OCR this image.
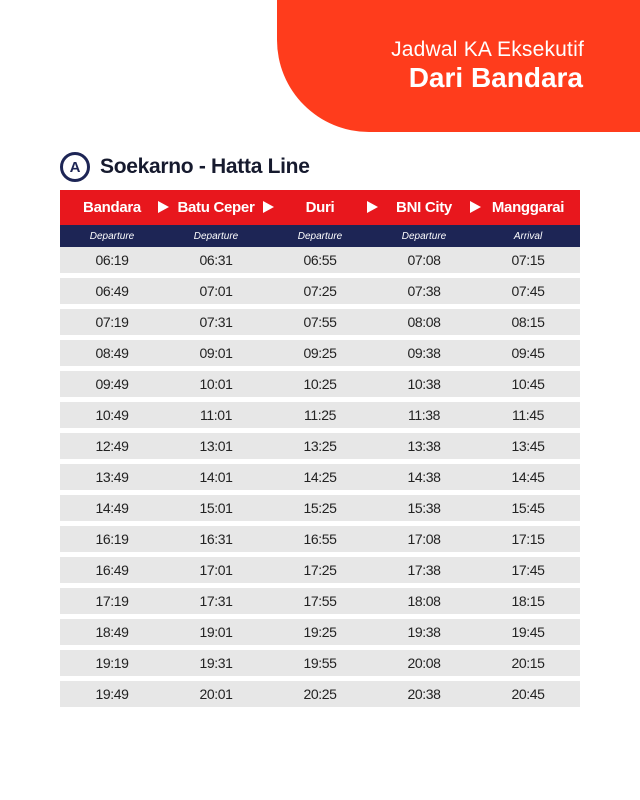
Jadwal KA Eksekutif
Dari Bandara
A Soekarno - Hatta Line
Bandara	Batu Ceper	Duri	BNI City	Manggarai
Departure	Departure	Departure	Departure	Arrival
06:19	06:31	06:55	07:08	07:15
06:49	07:01	07:25	07:38	07:45
07:19	07:31	07:55	08:08	08:15
08:49	09:01	09:25	09:38	09:45
09:49	10:01	10:25	10:38	10:45
10:49	11:01	11:25	11:38	11:45
12:49	13:01	13:25	13:38	13:45
13:49	14:01	14:25	14:38	14:45
14:49	15:01	15:25	15:38	15:45
16:19	16:31	16:55	17:08	17:15
16:49	17:01	17:25	17:38	17:45
17:19	17:31	17:55	18:08	18:15
18:49	19:01	19:25	19:38	19:45
19:19	19:31	19:55	20:08	20:15
19:49	20:01	20:25	20:38	20:45
